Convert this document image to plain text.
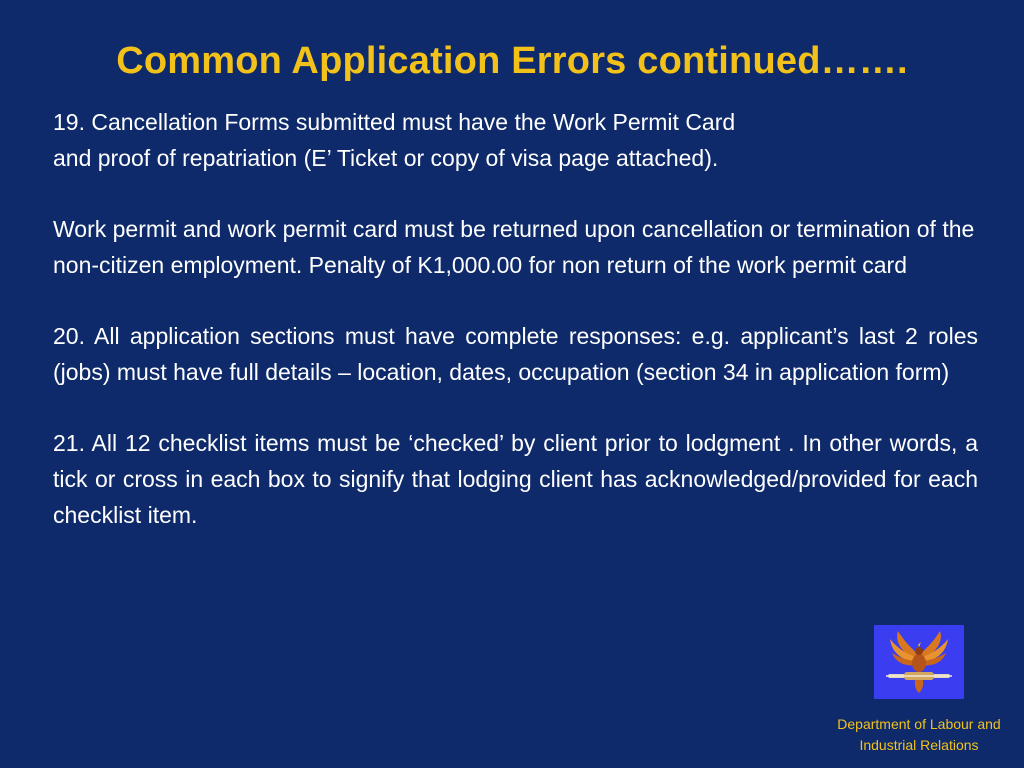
Common Application Errors continued…….

19. Cancellation Forms submitted must have the Work Permit Card
and proof of repatriation (E’ Ticket or copy of visa page attached).

Work permit and work permit card must be returned upon cancellation or termination of the non-citizen employment. Penalty of K1,000.00 for non return of the work permit card

20. All application sections must have complete responses: e.g. applicant’s last 2 roles (jobs) must have full details – location, dates, occupation (section 34 in application form)

21. All 12 checklist items must be ‘checked’ by client prior to lodgment . In other words, a tick or cross in each box to signify that lodging client has acknowledged/provided for each checklist item.

Department of Labour and
Industrial Relations
